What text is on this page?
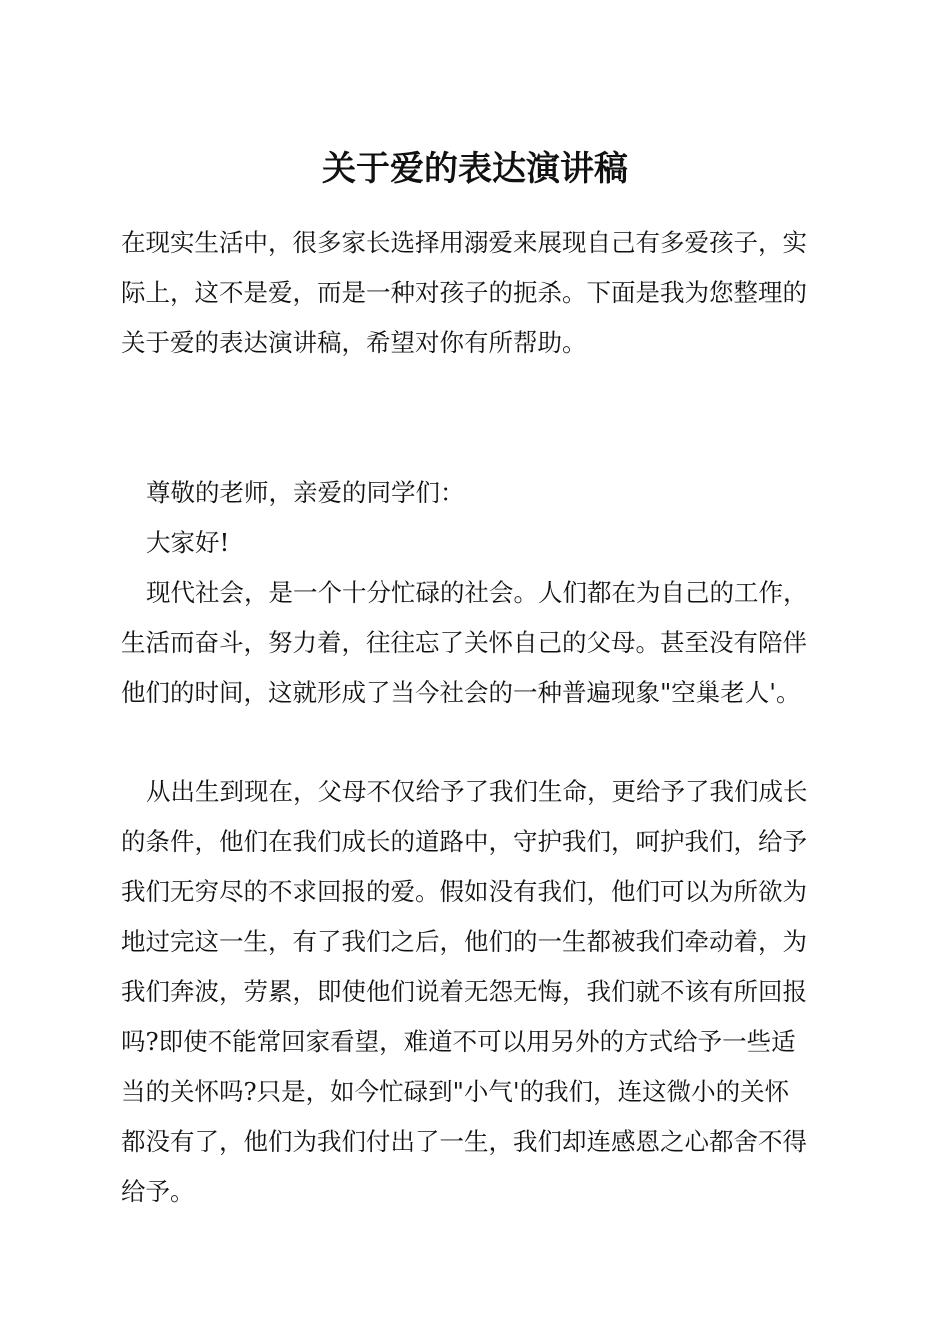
关于爱的表达演讲稿
在现实生活中，很多家长选择用溺爱来展现自己有多爱孩子，实
际上，这不是爱，而是一种对孩子的扼杀。下面是我为您整理的
关于爱的表达演讲稿，希望对你有所帮助。
尊敬的老师，亲爱的同学们：
大家好!
现代社会，是一个十分忙碌的社会。人们都在为自己的工作，
生活而奋斗，努力着，往往忘了关怀自己的父母。甚至没有陪伴
他们的时间，这就形成了当今社会的一种普遍现象"空巢老人'。
从出生到现在，父母不仅给予了我们生命，更给予了我们成长
的条件，他们在我们成长的道路中，守护我们，呵护我们，给予
我们无穷尽的不求回报的爱。假如没有我们，他们可以为所欲为
地过完这一生，有了我们之后，他们的一生都被我们牵动着，为
我们奔波，劳累，即使他们说着无怨无悔，我们就不该有所回报
吗?即使不能常回家看望，难道不可以用另外的方式给予一些适
当的关怀吗?只是，如今忙碌到"小气'的我们，连这微小的关怀
都没有了，他们为我们付出了一生，我们却连感恩之心都舍不得
给予。
